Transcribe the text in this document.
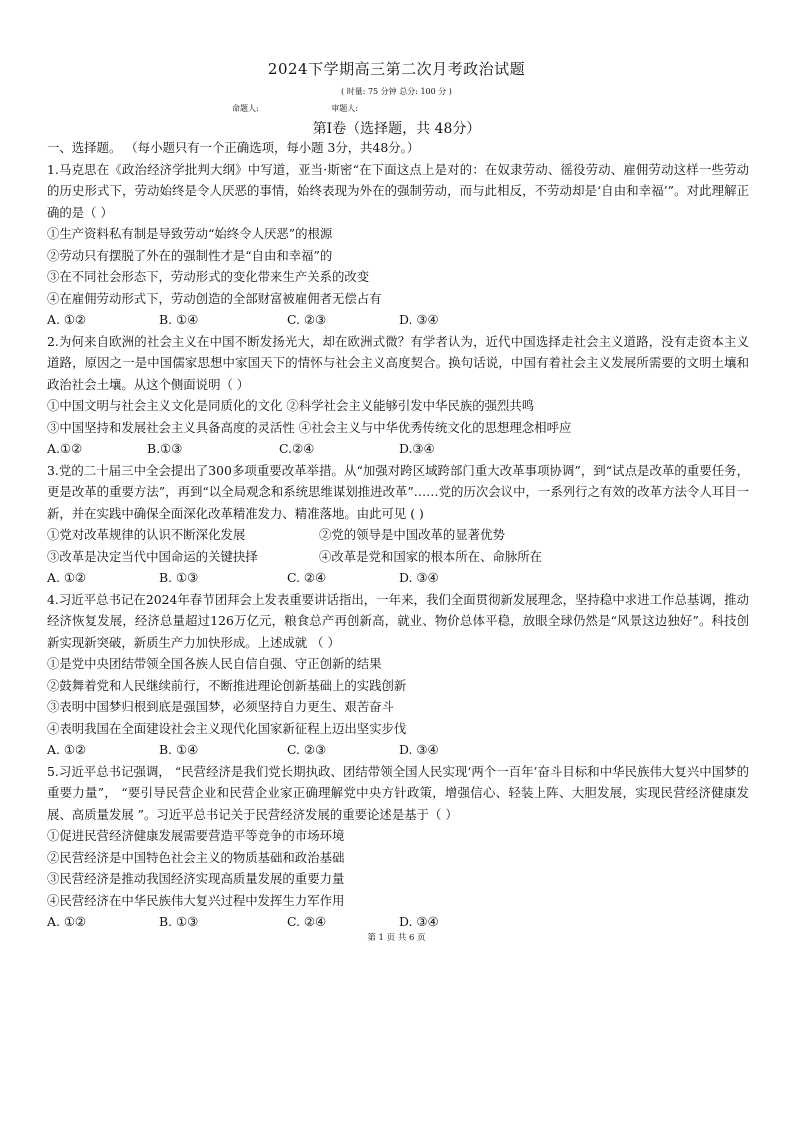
2024下学期高三第二次月考政治试题
( 时量: 75 分钟 总分: 100 分 )
命题人:	审题人:
第Ⅰ卷（选择题，共 48分）
一、选择题。 （每小题只有一个正确选项，每小题 3分，共48分。）
1.马克思在《政治经济学批判大纲》中写道，亚当·斯密“在下面这点上是对的：在奴隶劳动、徭役劳动、雇佣劳动这样一些劳动的历史形式下，劳动始终是令人厌恶的事情，始终表现为外在的强制劳动，而与此相反，不劳动却是‘自由和幸福’”。对此理解正确的是（ ）
①生产资料私有制是导致劳动“始终令人厌恶”的根源
②劳动只有摆脱了外在的强制性才是“自由和幸福”的
③在不同社会形态下，劳动形式的变化带来生产关系的改变
④在雇佣劳动形式下，劳动创造的全部财富被雇佣者无偿占有
A. ①②	B. ①④	C. ②③	D. ③④
2.为何来自欧洲的社会主义在中国不断发扬光大，却在欧洲式微？有学者认为，近代中国选择走社会主义道路，没有走资本主义道路，原因之一是中国儒家思想中家国天下的情怀与社会主义高度契合。换句话说，中国有着社会主义发展所需要的文明土壤和政治社会土壤。从这个侧面说明（ ）
①中国文明与社会主义文化是同质化的文化 ②科学社会主义能够引发中华民族的强烈共鸣
③中国坚持和发展社会主义具备高度的灵活性 ④社会主义与中华优秀传统文化的思想理念相呼应
A.①②	B.①③	C.②④	D.③④
3.党的二十届三中全会提出了300多项重要改革举措。从“加强对跨区域跨部门重大改革事项协调”，到“试点是改革的重要任务，更是改革的重要方法”，再到“以全局观念和系统思维谋划推进改革”……党的历次会议中，一系列行之有效的改革方法令人耳目一新，并在实践中确保全面深化改革精准发力、精准落地。由此可见 ( )
①党对改革规律的认识不断深化发展	②党的领导是中国改革的显著优势
③改革是决定当代中国命运的关键抉择	④改革是党和国家的根本所在、命脉所在
A. ①②	B. ①③	C. ②④	D. ③④
4.习近平总书记在2024年春节团拜会上发表重要讲话指出，一年来，我们全面贯彻新发展理念，坚持稳中求进工作总基调，推动经济恢复发展，经济总量超过126万亿元，粮食总产再创新高，就业、物价总体平稳，放眼全球仍然是“风景这边独好”。科技创新实现新突破，新质生产力加快形成。上述成就 （ ）
①是党中央团结带领全国各族人民自信自强、守正创新的结果
②鼓舞着党和人民继续前行，不断推进理论创新基础上的实践创新
③表明中国梦归根到底是强国梦，必须坚持自力更生、艰苦奋斗
④表明我国在全面建设社会主义现代化国家新征程上迈出坚实步伐
A. ①②	B. ①④	C. ②③	D. ③④
5.习近平总书记强调， “民营经济是我们党长期执政、团结带领全国人民实现‘两个一百年’奋斗目标和中华民族伟大复兴中国梦的重要力量”， “要引导民营企业和民营企业家正确理解党中央方针政策，增强信心、轻装上阵、大胆发展，实现民营经济健康发展、高质量发展 ”。习近平总书记关于民营经济发展的重要论述是基于（ ）
①促进民营经济健康发展需要营造平等竞争的市场环境
②民营经济是中国特色社会主义的物质基础和政治基础
③民营经济是推动我国经济实现高质量发展的重要力量
④民营经济在中华民族伟大复兴过程中发挥生力军作用
A. ①②	B. ①③	C. ②④	D. ③④
第 1 页 共 6 页
